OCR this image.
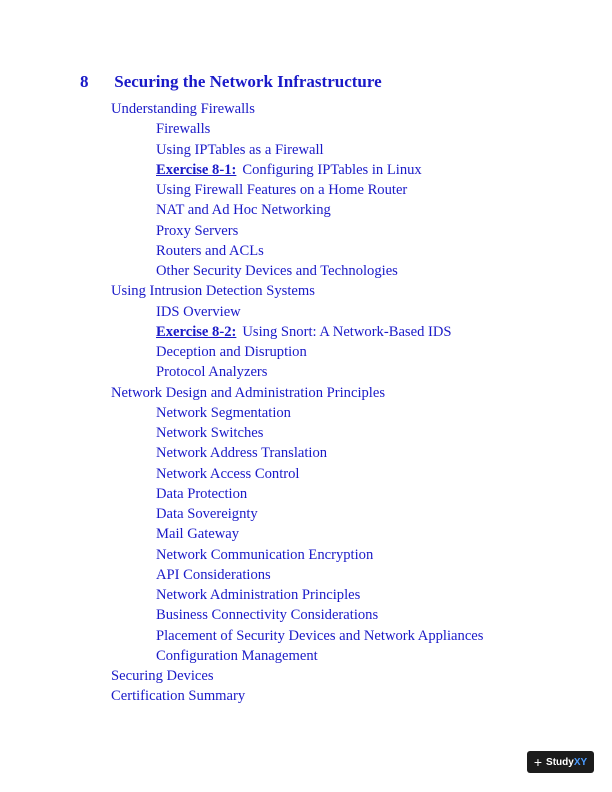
8 Securing the Network Infrastructure
Understanding Firewalls
Firewalls
Using IPTables as a Firewall
Exercise 8-1: Configuring IPTables in Linux
Using Firewall Features on a Home Router
NAT and Ad Hoc Networking
Proxy Servers
Routers and ACLs
Other Security Devices and Technologies
Using Intrusion Detection Systems
IDS Overview
Exercise 8-2: Using Snort: A Network-Based IDS
Deception and Disruption
Protocol Analyzers
Network Design and Administration Principles
Network Segmentation
Network Switches
Network Address Translation
Network Access Control
Data Protection
Data Sovereignty
Mail Gateway
Network Communication Encryption
API Considerations
Network Administration Principles
Business Connectivity Considerations
Placement of Security Devices and Network Appliances
Configuration Management
Securing Devices
Certification Summary
+ StudyXY
